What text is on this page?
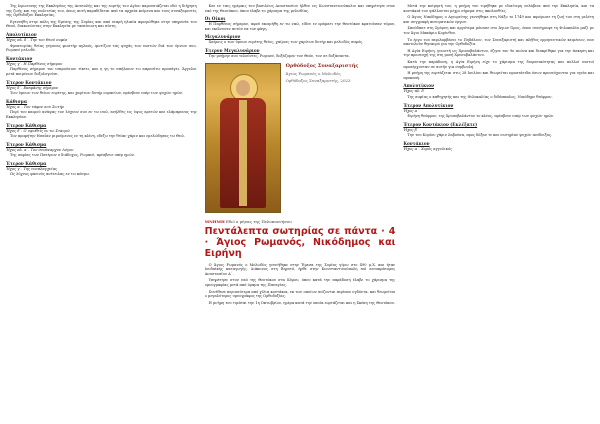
Της Ιερωσυνης της Εκκλησίας της Ανατολής και της εορτής του Αγίου παρουσιάζεται εδώ η διήγηση της ζωής και της πολιτείας του, όπως αυτή παραδίδεται από τα αρχαία κείμενα και τους συναξαριστές της Ορθοδόξου Εκκλησίας.

Εγεννήθη στην πόλη της Εμέσης της Συρίας και από νεαρή ηλικία αφιερώθηκε στην υπηρεσία του Θεού, διακονώντας στην Εκκλησία με ταπείνωση και πίστη.

Απολυτίκιον
Ήχος πλ. δ΄. Την του Θεού σοφία

Φρυκτωρίας θείας γέγονας φωστήρ αγλαός, φωτίζων τας ψυχάς των πιστών διά των ύμνων σου, Ρωμανέ μελωδέ.

Κοντάκιον
Ήχος γ΄. Η Παρθένος σήμερον

Παρθένος σήμερον τον υπερούσιον τίκτει, και η γη το σπήλαιον τω απροσίτω προσάγει. Άγγελοι μετά ποιμένων δοξολογούσι.

Έτερον Κοντάκιον
Ήχος δ΄. Επεφάνης σήμερον

Των ύμνων των θείων ευρέτης, και χαρίτων δοτήρ ουρανίων, πρέσβευε υπέρ των ψυχών ημών.

Κάθισμα
Ήχος α΄. Τον τάφον σου Σωτήρ

Πυρί του καιρού ανάψας τον λύχνον σου εν τω ναώ, ανήλθες εις ύψος αρετών και ελάμπρυνας την Εκκλησίαν.

Έτερον Κάθισμα
Ήχος δ΄. Ο υψωθείς εν τω Σταυρώ

Τον προφήτην Ησαΐαν μιμούμενος εν τη κλίνη, εδέξω την θείαν χάριν και εμελώδησας τω Θεώ.

Έτερον Κάθισμα
Ήχος πλ. α΄. Τον συνάναρχον Λόγον

Της σοφίας των Πατέρων ο διάδοχος, Ρωμανέ, πρέσβευε υπέρ ημών.

Έτερον Κάθισμα
Ήχος γ΄. Της ευσπλαγχνίας

Ως λύχνος φαεινός ανέτειλας εν τω κόσμω.

Και εν ταις ημέραις του βασιλέως Αναστασίου ήλθεν εις Κωνσταντινούπολιν και υπηρέτησε στον ναό της Θεοτόκου, όπου έλαβε το χάρισμα της μελωδίας.

Οι Οίκοι

Η Παρθένος σήμερον, αφού εκοιμήθη εν τω ναώ, είδεν εν οράματι την Θεοτόκον κρατούσαν τόμον, και εκέλευσεν αυτόν να τον φάγη.

Μεγαλυνάριον

Χαίροις ο των ύμνων ευρέτης θείος, χαίροις των χαρίτων δοτήρ και μελωδός σοφός.

Έτερον Μεγαλυνάριον

Την μνήμην σου τελούντες, Ρωμανέ, δοξάζομεν τον Θεόν, τον σε δοξάσαντα.

Ορθόδοξος Συναξαριστής
Άγιος Ρωμανός ο Μελωδός
Ορθόδοξος Συναξαριστής, 2023
ΜΝΗΜΗ Εδώ ο μήνας της Πελοποννήσου
Πεντάλεπτα σωτηρίας σε πάντα · 4 · Άγιος Ρωμανός, Νικόδημος και Ειρήνη

Ο Άγιος Ρωμανός ο Μελωδός γεννήθηκε στην Έμεσα της Συρίας γύρω στο 490 μ.Χ. και ήταν Ιουδαϊκής καταγωγής. Διάκονος στη Βηρυτό, ήρθε στην Κωνσταντινούπολη επί αυτοκράτορος Αναστασίου Α΄.

Υπηρέτησε στον ναό της Θεοτόκου στα Κύρου, όπου κατά την παράδοση έλαβε το χάρισμα της υμνογραφίας μετά από όραμα της Παναγίας.

Συνέθεσε περισσότερα από χίλια κοντάκια, εκ των οποίων σώζονται περίπου ογδόντα, και θεωρείται ο μεγαλύτερος υμνογράφος της Ορθοδοξίας.

Η μνήμη του τιμάται την 1η Οκτωβρίου, ημέρα κατά την οποία εορτάζεται και η Σκέπη της Θεοτόκου.

Μετά την κοίμησή του, η μνήμη του τιμήθηκε με ιδιαίτερη ευλάβεια από την Εκκλησία, και τα κοντάκιά του ψάλλονται μέχρι σήμερα στις ακολουθίες.

Ο Άγιος Νικόδημος ο Αγιορείτης γεννήθηκε στη Νάξο το 1749 και αφιέρωσε τη ζωή του στη μελέτη και συγγραφή πνευματικών έργων.

Σπούδασε στη Σμύρνη και αργότερα μόνασε στο Άγιον Όρος, όπου συνέγραψε τη Φιλοκαλία μαζί με τον Άγιο Μακάριο Κορίνθου.

Το έργο του περιλαμβάνει το Πηδάλιον, τον Συναξαριστή και πλήθος ερμηνευτικών κειμένων, που αποτελούν θησαυρό για την Ορθοδοξία.

Η Αγία Ειρήνη, γνωστή ως Χρυσοβαλάντου, έζησε τον 9ο αιώνα και διακρίθηκε για την άσκηση και την προσευχή της στη μονή Χρυσοβαλάντου.

Κατά την παράδοση, η Αγία Ειρήνη είχε το χάρισμα της διορατικότητας και πολλοί πιστοί προσέρχονταν σε αυτήν για συμβουλή.

Η μνήμη της εορτάζεται στις 28 Ιουλίου και θεωρείται προστάτιδα όσων προσεύχονται για υγεία και προκοπή.

Απολυτίκιον
Ήχος πλ. δ΄

Της σοφίας ο καθηγητής και της Φιλοκαλίας ο διδάσκαλος, Νικόδημε θεόφρον.

Έτερον Απολυτίκιον
Ήχος α΄

Ειρήνη θεόφρον, της Χρυσοβαλάντου το κλέος, πρέσβευε υπέρ των ψυχών ημών.

Έτερον Κοντάκιον (Εκλέξατε)
Ήχος β΄

Την του Κυρίου χάριν λαβούσα, προς δόξαν τε και σωτηρίαν ψυχών ανέδειξας.

Κοντάκιον
Ήχος α΄. Χορός αγγελικός
